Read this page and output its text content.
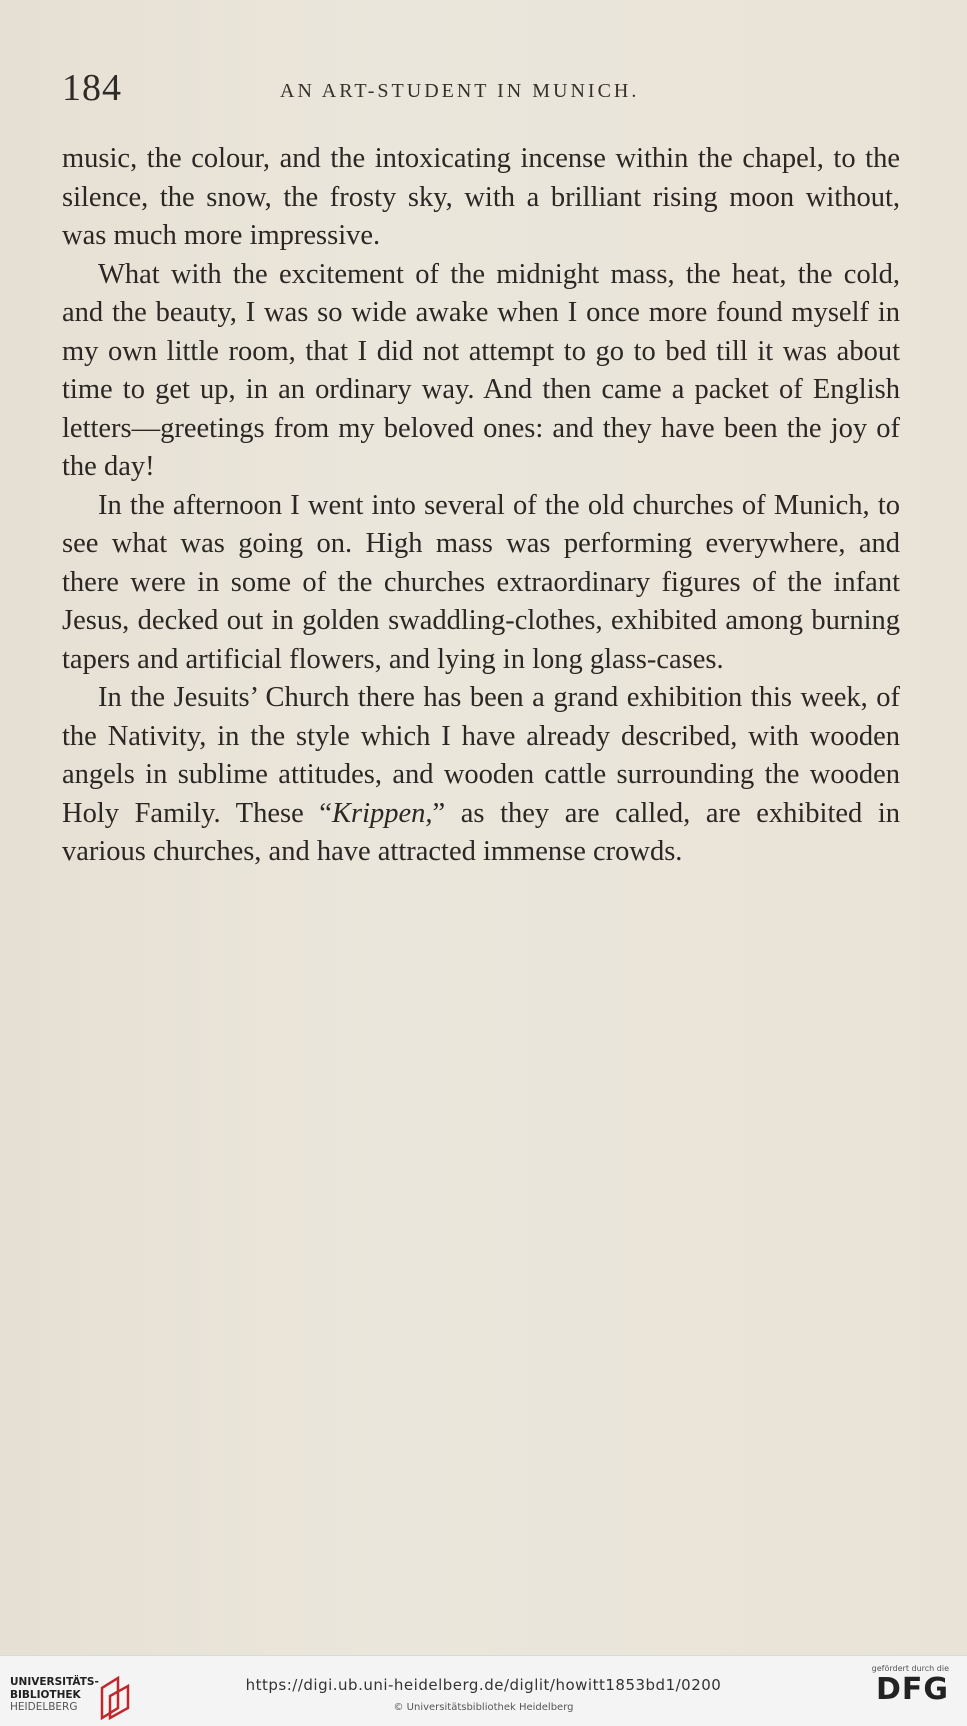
184	AN ART-STUDENT IN MUNICH.

music, the colour, and the intoxicating incense within the chapel, to the silence, the snow, the frosty sky, with a brilliant rising moon without, was much more impressive.

What with the excitement of the midnight mass, the heat, the cold, and the beauty, I was so wide awake when I once more found myself in my own little room, that I did not attempt to go to bed till it was about time to get up, in an ordinary way. And then came a packet of English letters—greetings from my beloved ones: and they have been the joy of the day!

In the afternoon I went into several of the old churches of Munich, to see what was going on. High mass was performing everywhere, and there were in some of the churches extraordinary figures of the infant Jesus, decked out in golden swaddling-clothes, exhibited among burning tapers and artificial flowers, and lying in long glass-cases.

In the Jesuits’ Church there has been a grand exhibition this week, of the Nativity, in the style which I have already described, with wooden angels in sublime attitudes, and wooden cattle surrounding the wooden Holy Family. These “Krippen,” as they are called, are exhibited in various churches, and have attracted immense crowds.

UNIVERSITÄTS-
BIBLIOTHEK
HEIDELBERG
https://digi.ub.uni-heidelberg.de/diglit/howitt1853bd1/0200
© Universitätsbibliothek Heidelberg
gefördert durch die
DFG
